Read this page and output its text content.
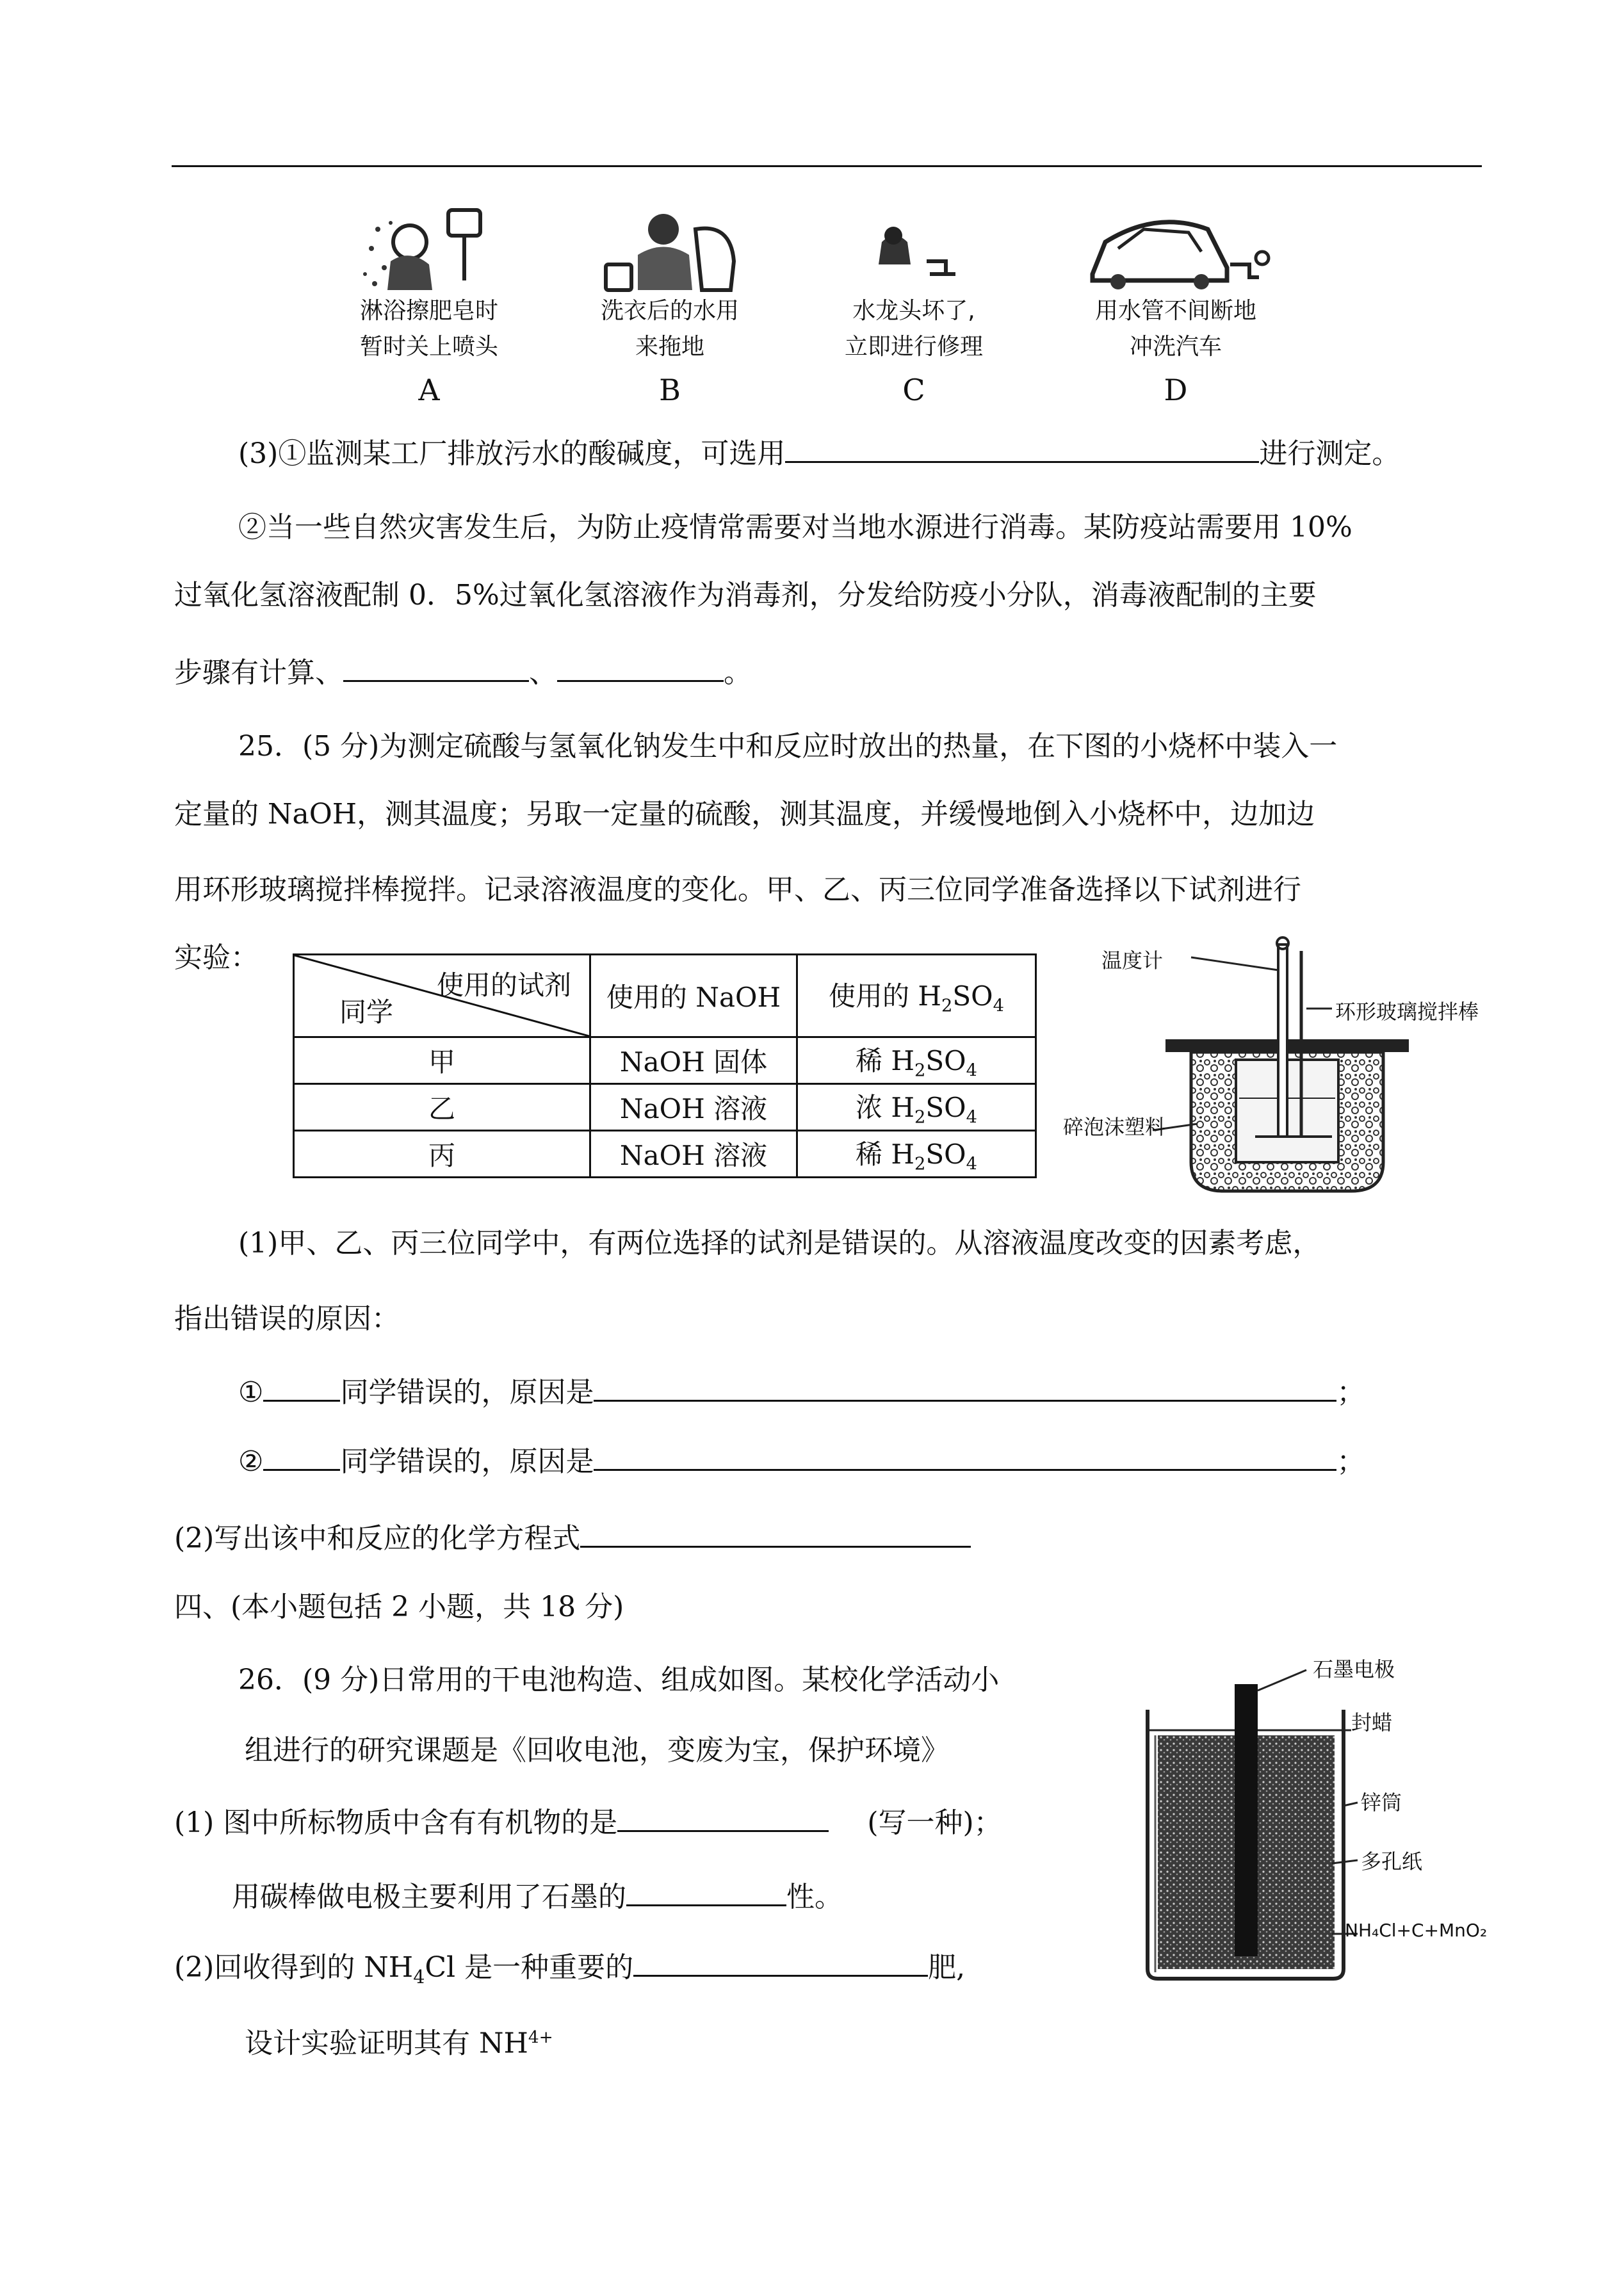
淋浴擦肥皂时
暂时关上喷头
A
洗衣后的水用
来拖地
B
水龙头坏了,
立即进行修理
C
用水管不间断地
冲洗汽车
D
(3)①监测某工厂排放污水的酸碱度，可选用	进行测定。
②当一些自然灾害发生后，为防止疫情常需要对当地水源进行消毒。某防疫站需要用 10%
过氧化氢溶液配制 0．5%过氧化氢溶液作为消毒剂，分发给防疫小分队，消毒液配制的主要
步骤有计算、	、	。
25．(5 分)为测定硫酸与氢氧化钠发生中和反应时放出的热量，在下图的小烧杯中装入一
定量的 NaOH，测其温度；另取一定量的硫酸，测其温度，并缓慢地倒入小烧杯中，边加边
用环形玻璃搅拌棒搅拌。记录溶液温度的变化。甲、乙、丙三位同学准备选择以下试剂进行
实验：
使用的试剂
同学	使用的 NaOH	使用的 $H_2SO_4$
甲	NaOH 固体	稀 $H_2SO_4$
乙	NaOH 溶液	浓 $H_2SO_4$
丙	NaOH 溶液	稀 $H_2SO_4$
温度计
环形玻璃搅拌棒
碎泡沫塑料
(1)甲、乙、丙三位同学中，有两位选择的试剂是错误的。从溶液温度改变的因素考虑，
指出错误的原因：
①	同学错误的，原因是	；
②	同学错误的，原因是	；
(2)写出该中和反应的化学方程式
四、(本小题包括 2 小题，共 18 分)
26．(9 分)日常用的干电池构造、组成如图。某校化学活动小
组进行的研究课题是《回收电池，变废为宝，保护环境》
(1) 图中所标物质中含有有机物的是	(写一种)；
用碳棒做电极主要利用了石墨的	性。
(2)回收得到的 $NH_4Cl$ 是一种重要的	肥,
设计实验证明其有 $NH^{4+}$
石墨电极
封蜡
锌筒
多孔纸
NH₄Cl+C+MnO₂
